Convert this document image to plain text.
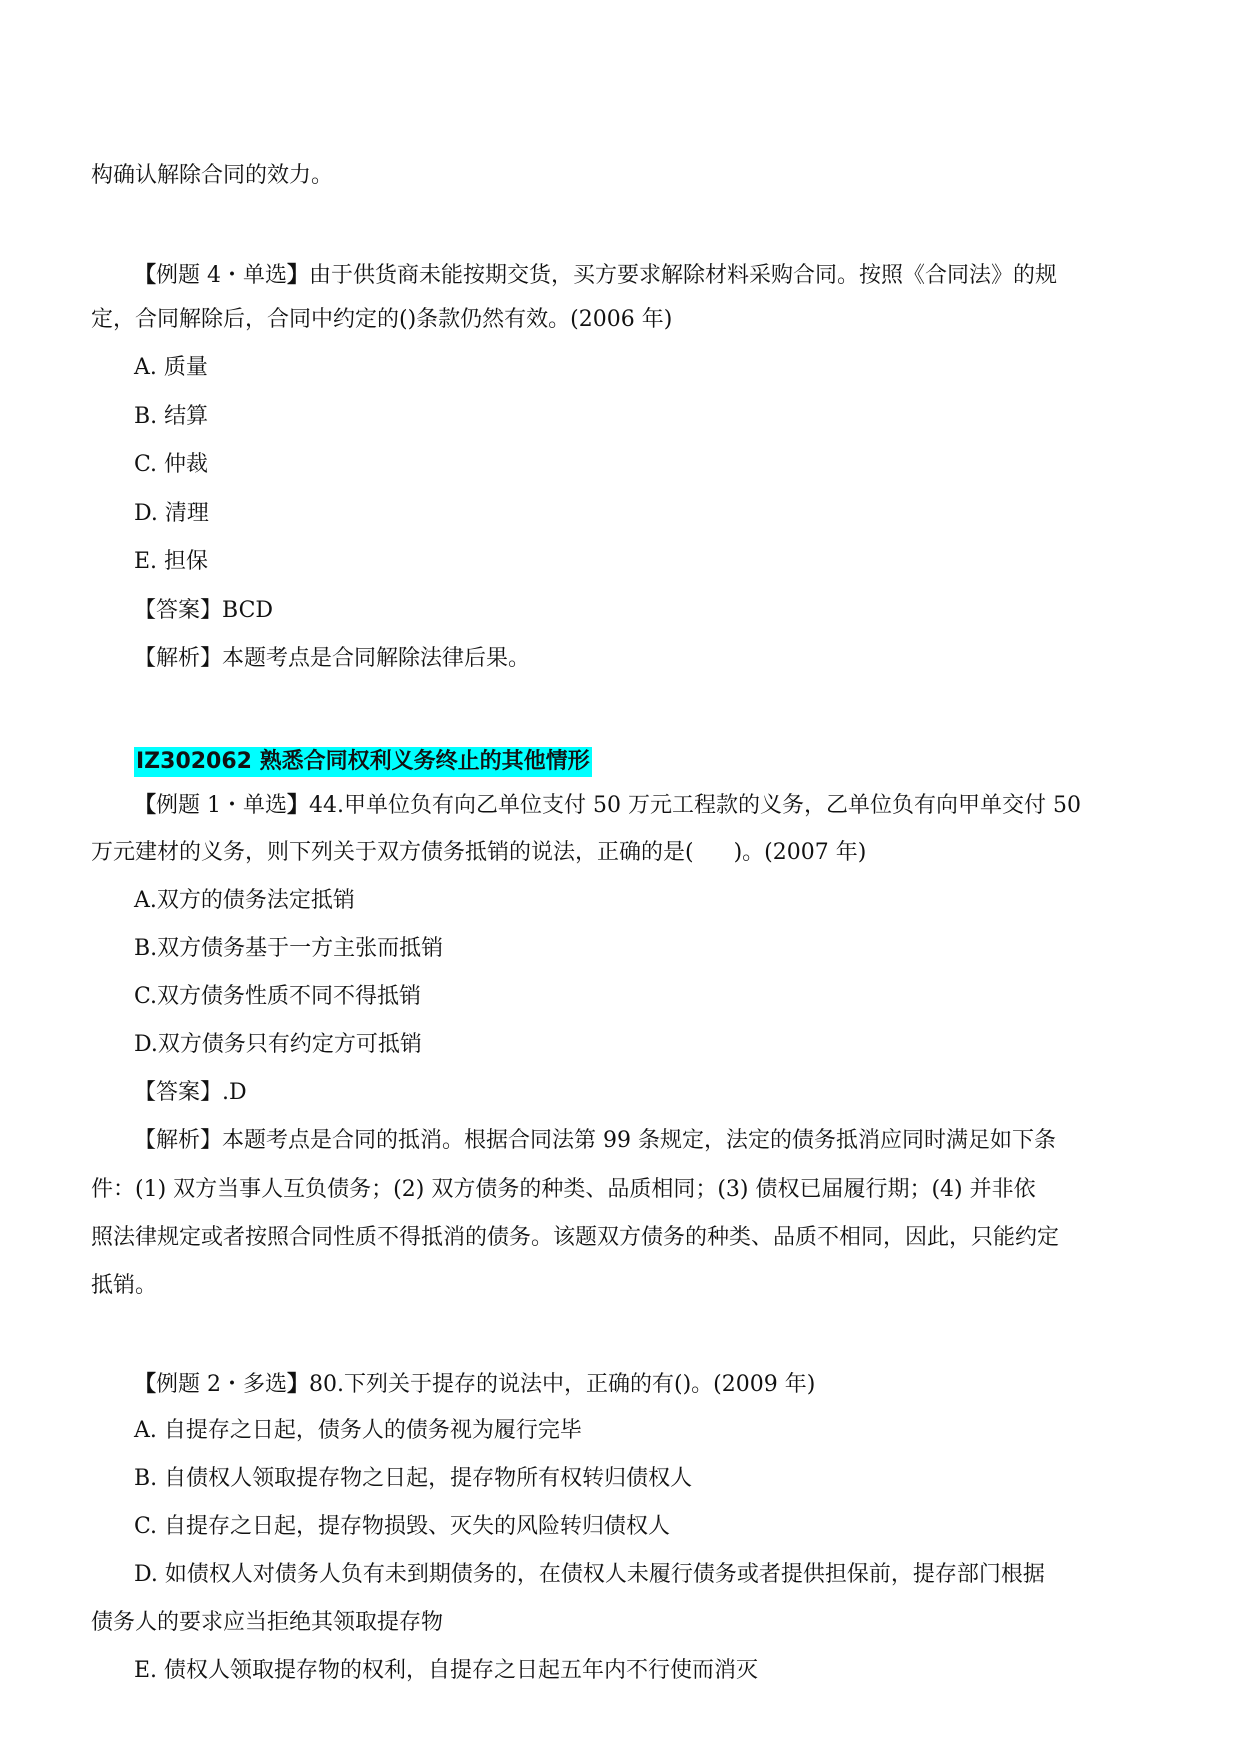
构确认解除合同的效力。
【例题 4・单选】由于供货商未能按期交货，买方要求解除材料采购合同。按照《合同法》的规
定，合同解除后，合同中约定的()条款仍然有效。(2006 年)
A. 质量
B. 结算
C. 仲裁
D. 清理
E. 担保
【答案】BCD
【解析】本题考点是合同解除法律后果。
IZ302062 熟悉合同权利义务终止的其他情形
【例题 1・单选】44.甲单位负有向乙单位支付 50 万元工程款的义务，乙单位负有向甲单交付 50
万元建材的义务，则下列关于双方债务抵销的说法，正确的是( )。(2007 年)
A.双方的债务法定抵销
B.双方债务基于一方主张而抵销
C.双方债务性质不同不得抵销
D.双方债务只有约定方可抵销
【答案】.D
【解析】本题考点是合同的抵消。根据合同法第 99 条规定，法定的债务抵消应同时满足如下条
件：(1) 双方当事人互负债务；(2) 双方债务的种类、品质相同；(3) 债权已届履行期；(4) 并非依
照法律规定或者按照合同性质不得抵消的债务。该题双方债务的种类、品质不相同，因此，只能约定
抵销。
【例题 2・多选】80.下列关于提存的说法中，正确的有()。(2009 年)
A. 自提存之日起，债务人的债务视为履行完毕
B. 自债权人领取提存物之日起，提存物所有权转归债权人
C. 自提存之日起，提存物损毁、灭失的风险转归债权人
D. 如债权人对债务人负有未到期债务的，在债权人未履行债务或者提供担保前，提存部门根据
债务人的要求应当拒绝其领取提存物
E. 债权人领取提存物的权利，自提存之日起五年内不行使而消灭
